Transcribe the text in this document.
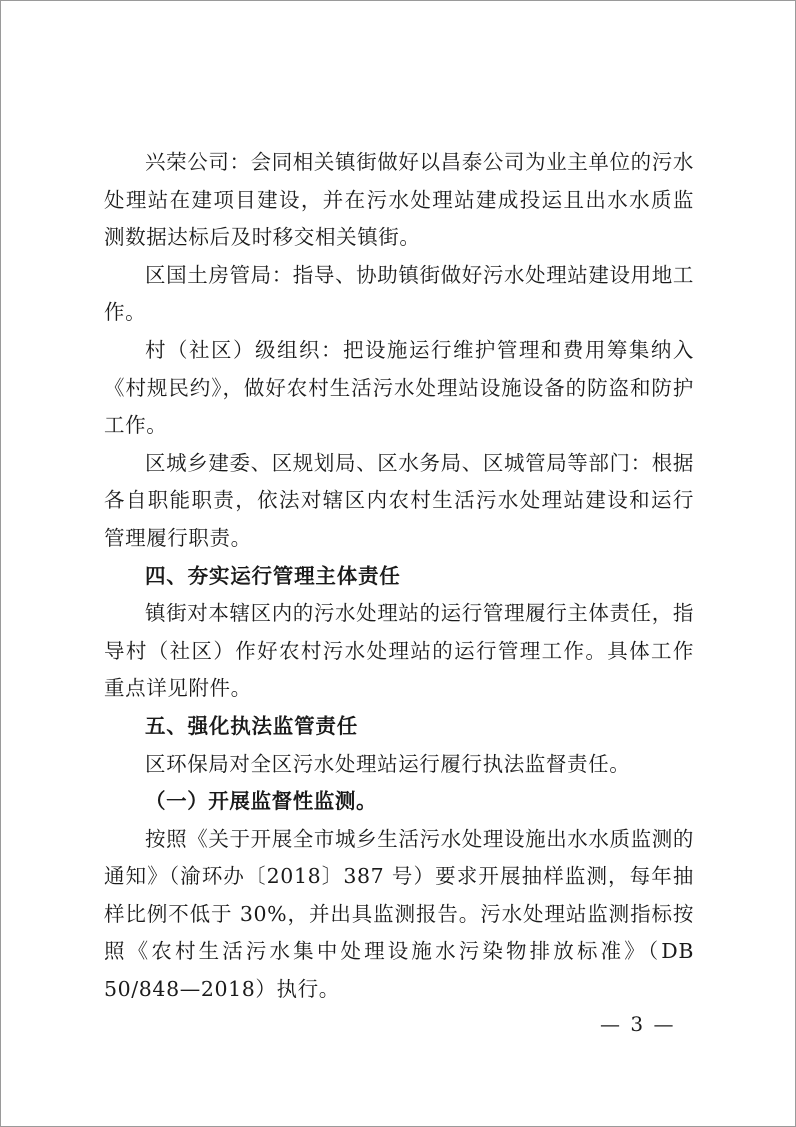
兴荣公司：会同相关镇街做好以昌泰公司为业主单位的污水处理站在建项目建设，并在污水处理站建成投运且出水水质监测数据达标后及时移交相关镇街。

区国土房管局：指导、协助镇街做好污水处理站建设用地工作。

村（社区）级组织：把设施运行维护管理和费用筹集纳入《村规民约》，做好农村生活污水处理站设施设备的防盗和防护工作。

区城乡建委、区规划局、区水务局、区城管局等部门：根据各自职能职责，依法对辖区内农村生活污水处理站建设和运行管理履行职责。

四、夯实运行管理主体责任

镇街对本辖区内的污水处理站的运行管理履行主体责任，指导村（社区）作好农村污水处理站的运行管理工作。具体工作重点详见附件。

五、强化执法监管责任

区环保局对全区污水处理站运行履行执法监督责任。

（一）开展监督性监测。

按照《关于开展全市城乡生活污水处理设施出水水质监测的通知》（渝环办〔2018〕387 号）要求开展抽样监测，每年抽样比例不低于 30%，并出具监测报告。污水处理站监测指标按照《农村生活污水集中处理设施水污染物排放标准》（DB 50/848—2018）执行。

— 3 —
